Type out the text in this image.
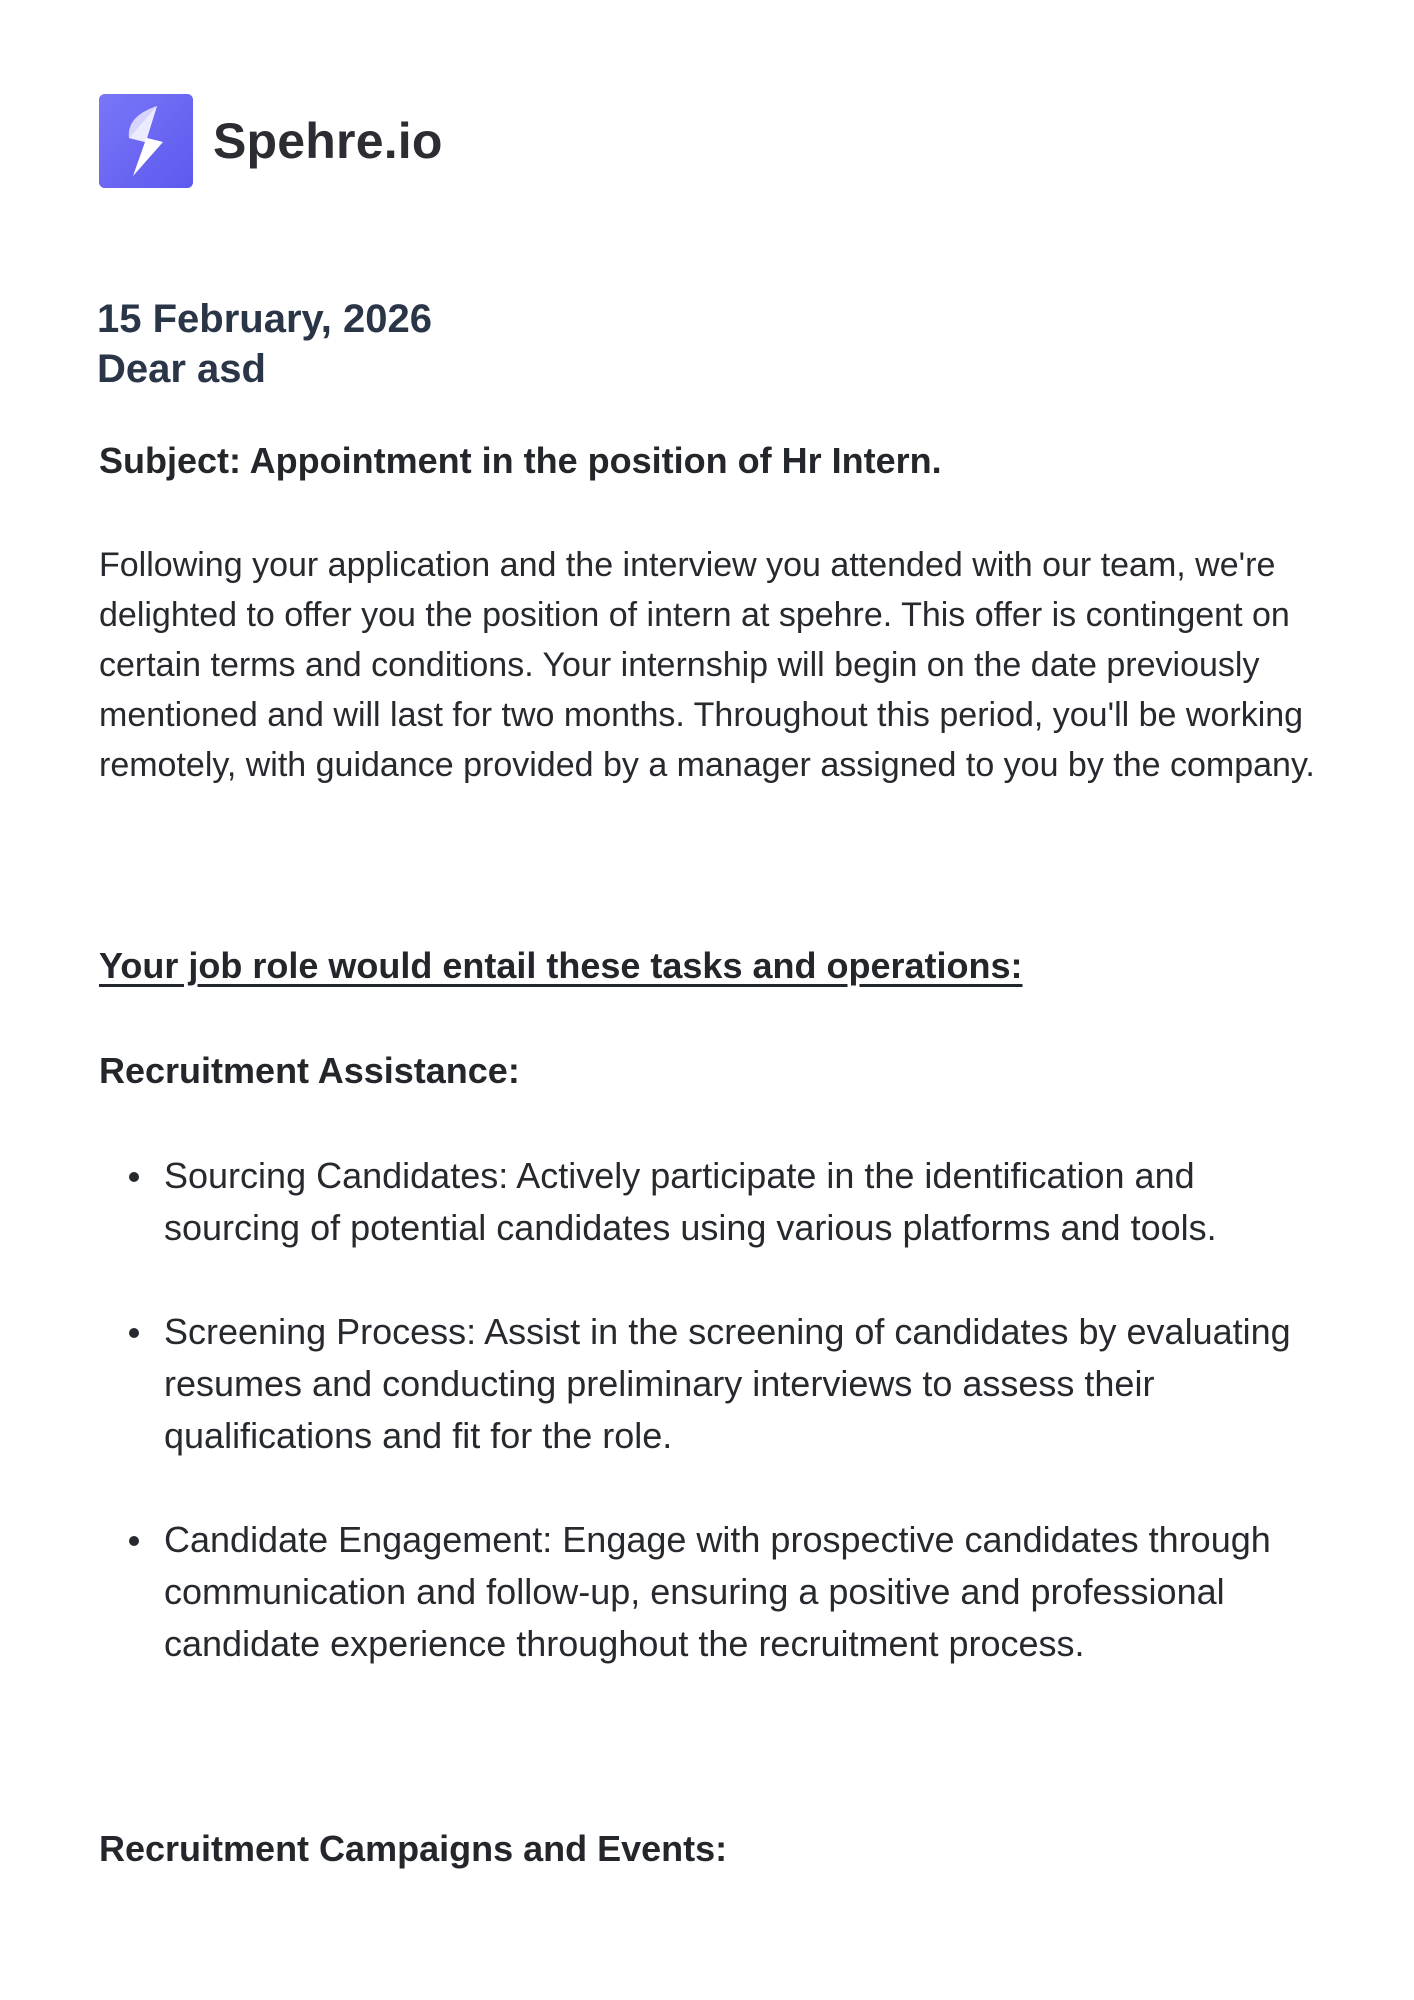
Spehre.io
15 February, 2026
Dear asd
Subject: Appointment in the position of Hr Intern.
Following your application and the interview you attended with our team, we're delighted to offer you the position of intern at spehre. This offer is contingent on certain terms and conditions. Your internship will begin on the date previously mentioned and will last for two months. Throughout this period, you'll be working remotely, with guidance provided by a manager assigned to you by the company.
Your job role would entail these tasks and operations:
Recruitment Assistance:
Sourcing Candidates: Actively participate in the identification and sourcing of potential candidates using various platforms and tools.
Screening Process: Assist in the screening of candidates by evaluating resumes and conducting preliminary interviews to assess their qualifications and fit for the role.
Candidate Engagement: Engage with prospective candidates through communication and follow-up, ensuring a positive and professional candidate experience throughout the recruitment process.
Recruitment Campaigns and Events:
